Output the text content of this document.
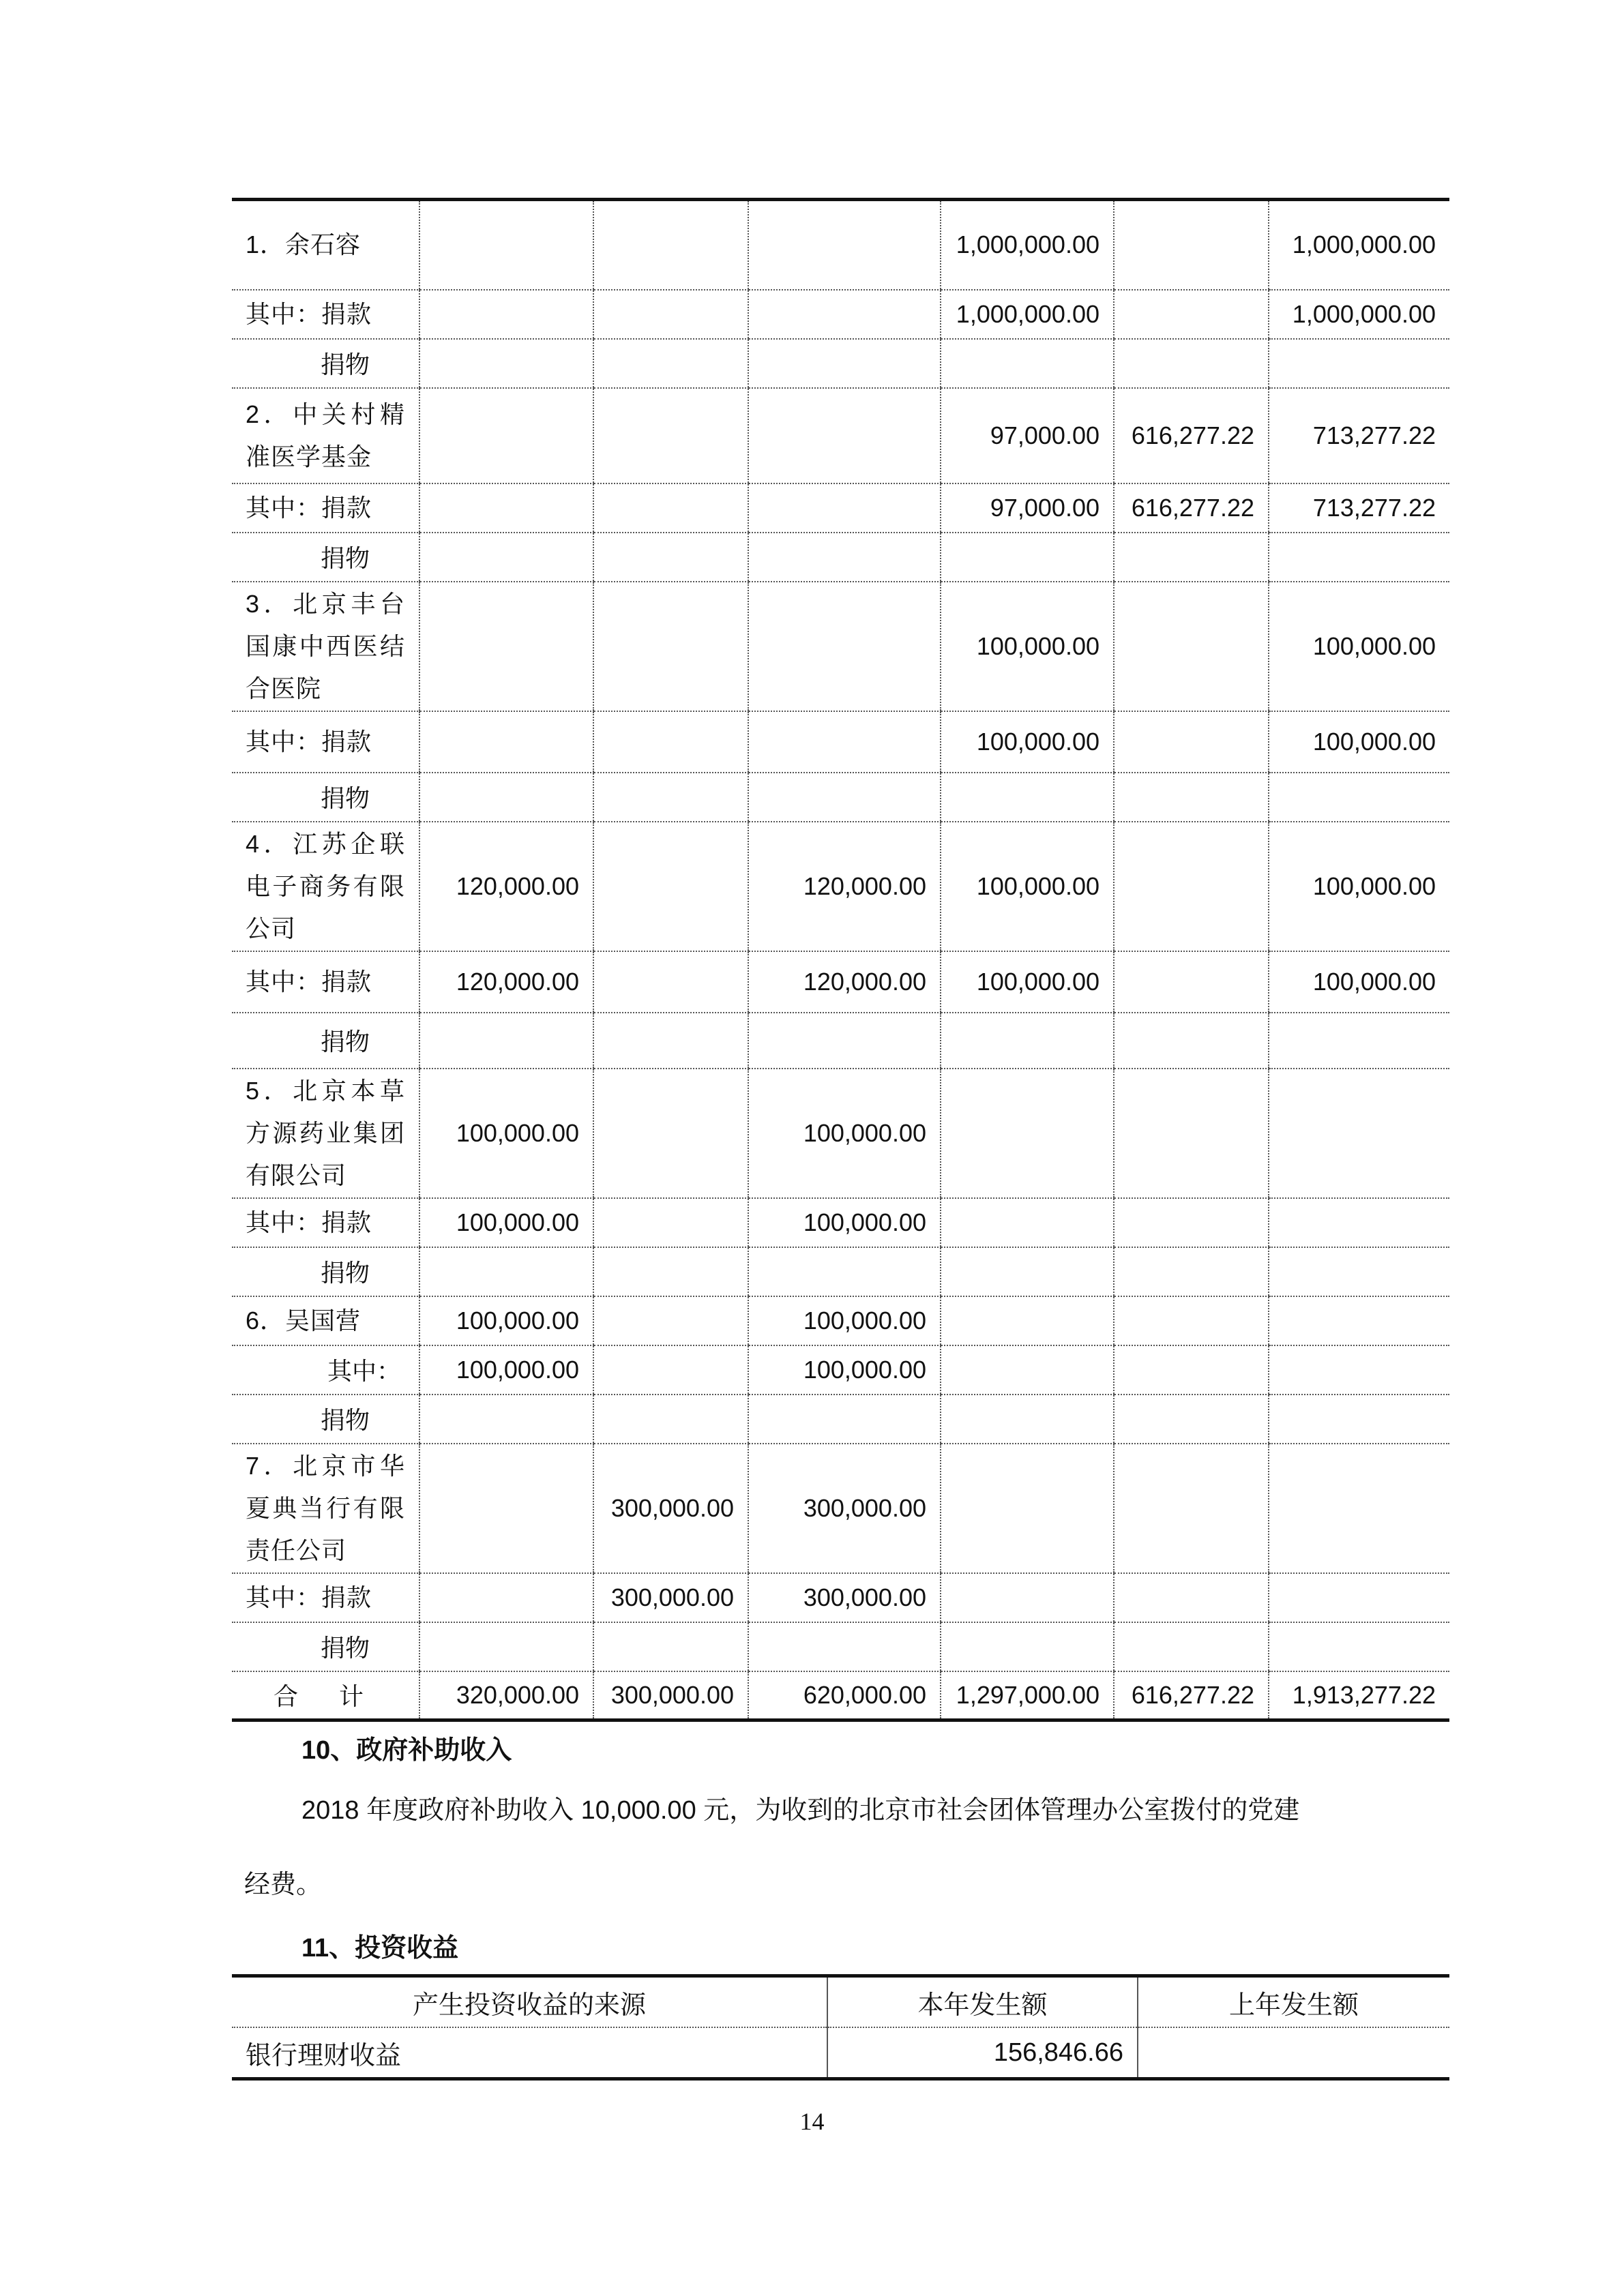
1．余石容				1,000,000.00		1,000,000.00
其中：捐款				1,000,000.00		1,000,000.00
捐物						
2．中关村精准医学基金				97,000.00	616,277.22	713,277.22
其中：捐款				97,000.00	616,277.22	713,277.22
捐物						
3．北京丰台国康中西医结合医院				100,000.00		100,000.00
其中：捐款				100,000.00		100,000.00
捐物						
4．江苏企联电子商务有限公司	120,000.00		120,000.00	100,000.00		100,000.00
其中：捐款	120,000.00		120,000.00	100,000.00		100,000.00
捐物						
5．北京本草方源药业集团有限公司	100,000.00		100,000.00			
其中：捐款	100,000.00		100,000.00			
捐物						
6．吴国营	100,000.00		100,000.00			
其中：	100,000.00		100,000.00			
捐物						
7．北京市华夏典当行有限责任公司		300,000.00	300,000.00			
其中：捐款		300,000.00	300,000.00			
捐物						
合计	320,000.00	300,000.00	620,000.00	1,297,000.00	616,277.22	1,913,277.22
10、政府补助收入
2018 年度政府补助收入 10,000.00 元，为收到的北京市社会团体管理办公室拨付的党建
经费。
11、投资收益
产生投资收益的来源	本年发生额	上年发生额
银行理财收益	156,846.66	
14
